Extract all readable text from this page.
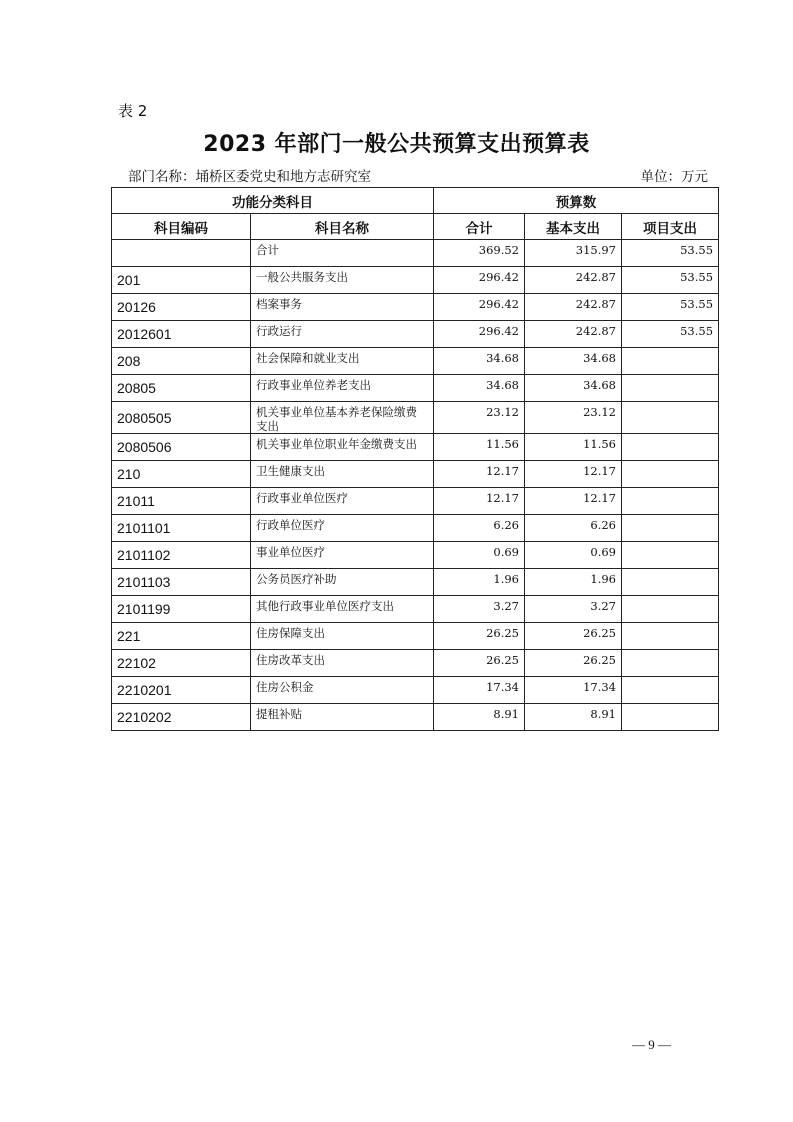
表 2
2023 年部门一般公共预算支出预算表
部门名称：埇桥区委党史和地方志研究室	单位：万元
功能分类科目		预算数		
科目编码	科目名称	合计	基本支出	项目支出
	合计	369.52	315.97	53.55
201	一般公共服务支出	296.42	242.87	53.55
20126	档案事务	296.42	242.87	53.55
2012601	行政运行	296.42	242.87	53.55
208	社会保障和就业支出	34.68	34.68	
20805	行政事业单位养老支出	34.68	34.68	
2080505	机关事业单位基本养老保险缴费支出	23.12	23.12	
2080506	机关事业单位职业年金缴费支出	11.56	11.56	
210	卫生健康支出	12.17	12.17	
21011	行政事业单位医疗	12.17	12.17	
2101101	行政单位医疗	6.26	6.26	
2101102	事业单位医疗	0.69	0.69	
2101103	公务员医疗补助	1.96	1.96	
2101199	其他行政事业单位医疗支出	3.27	3.27	
221	住房保障支出	26.25	26.25	
22102	住房改革支出	26.25	26.25	
2210201	住房公积金	17.34	17.34	
2210202	提租补贴	8.91	8.91	
— 9 —
